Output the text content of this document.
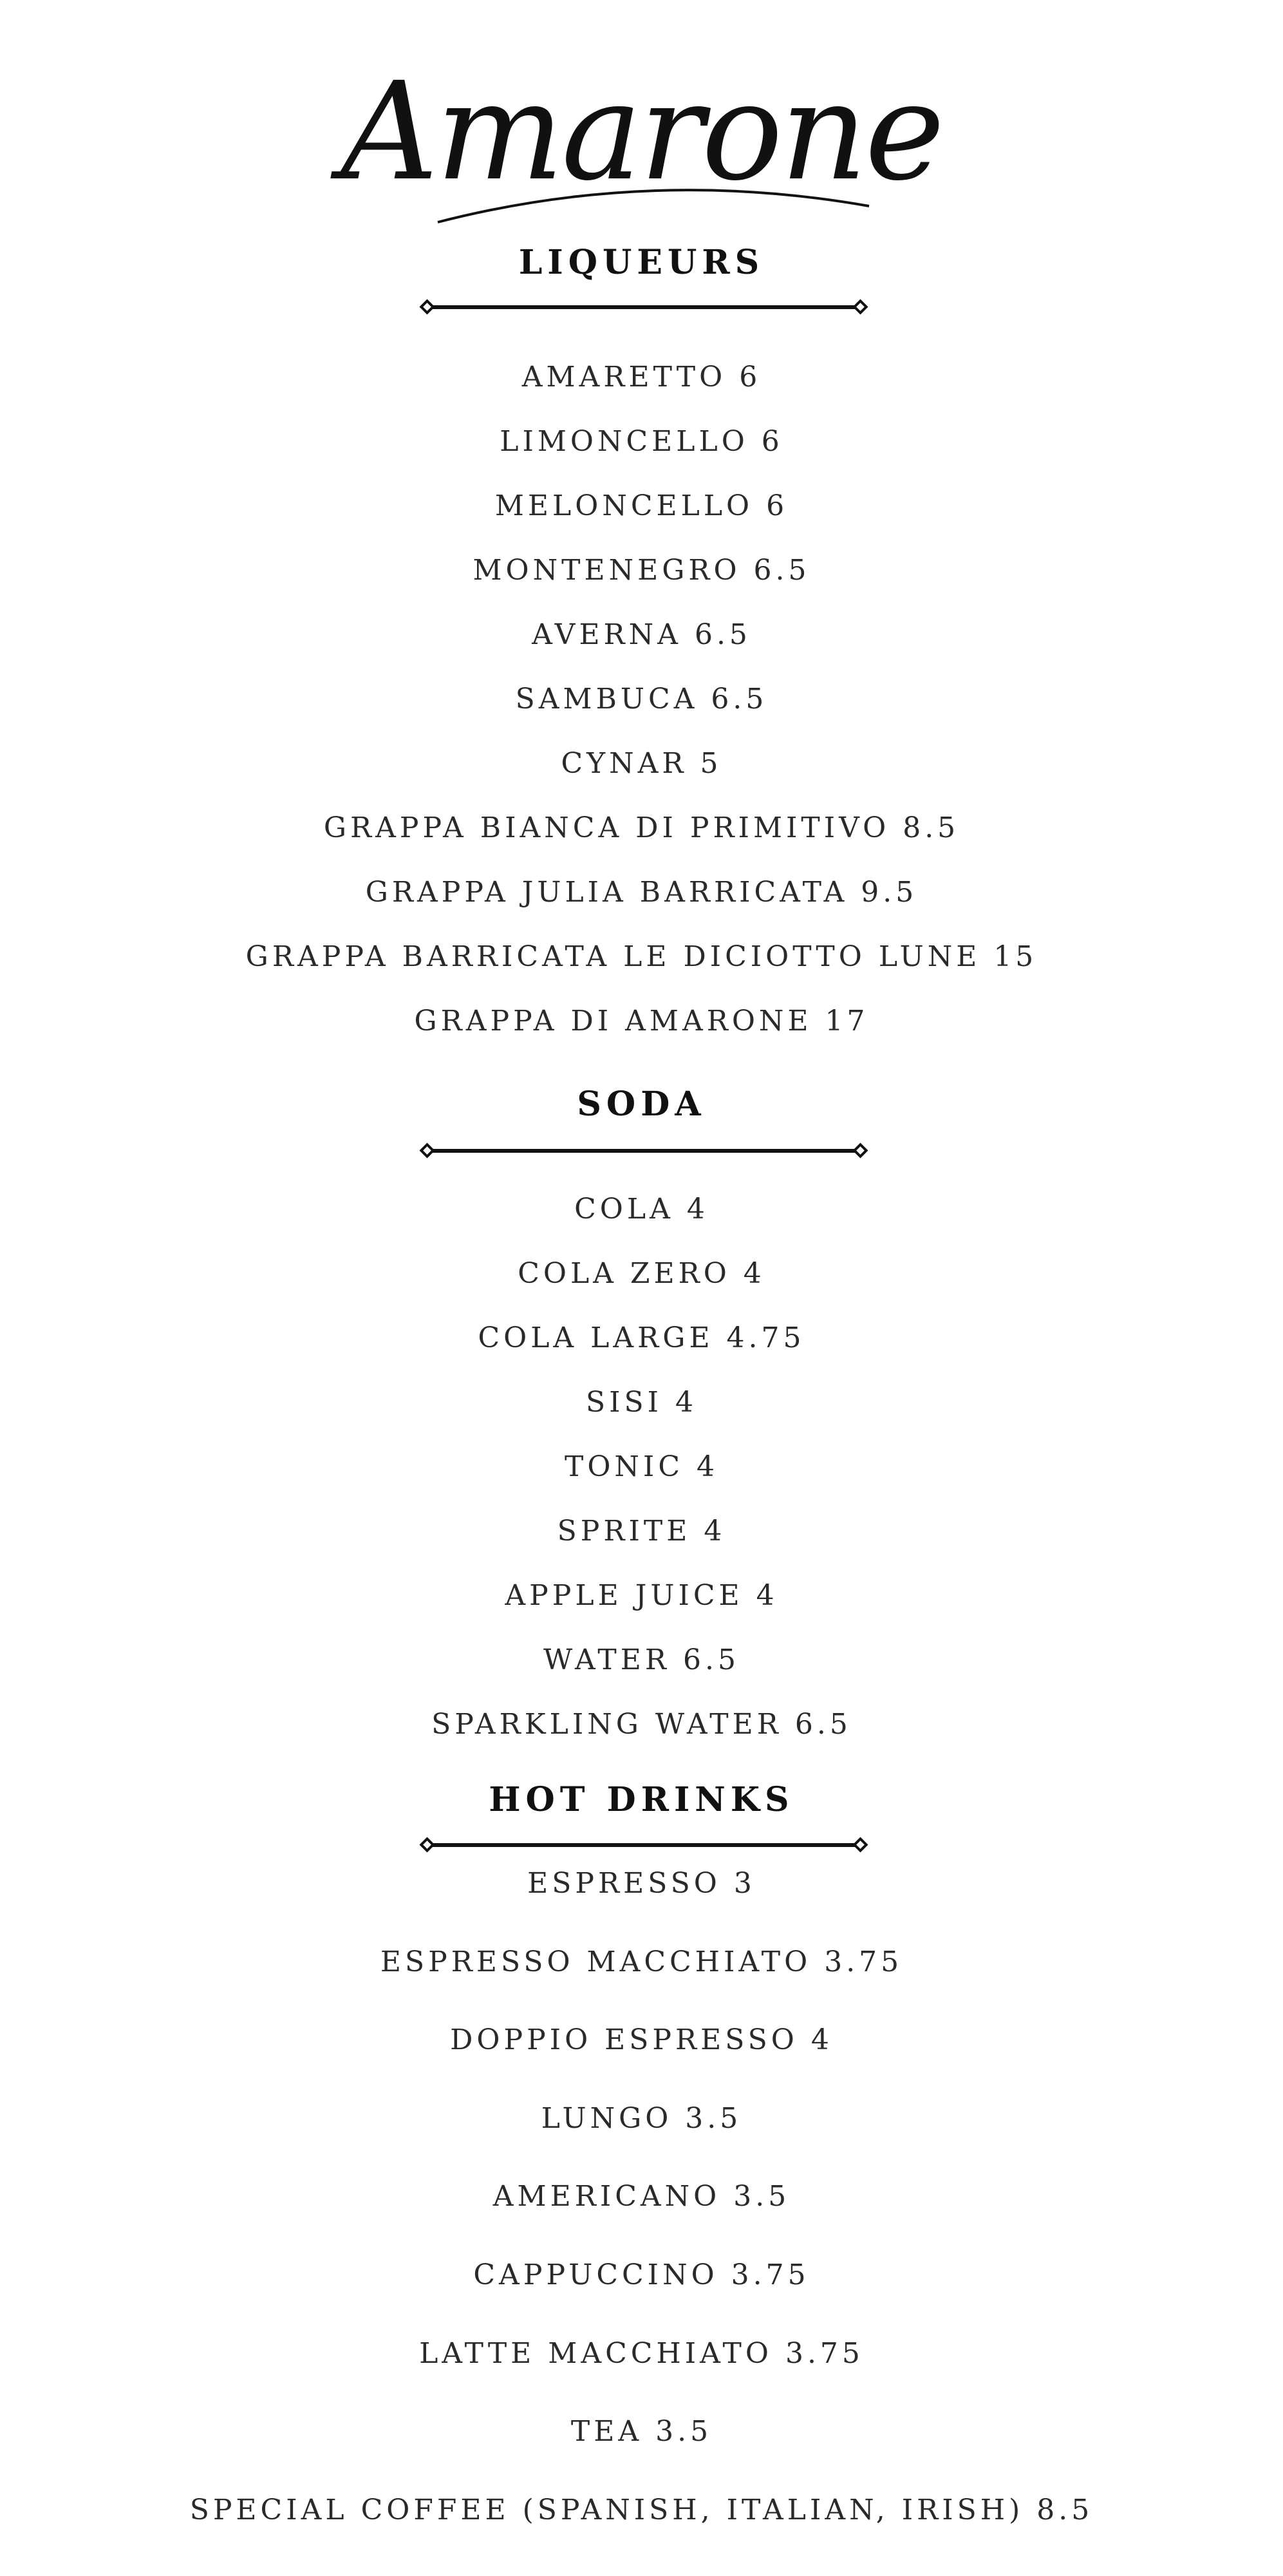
Amarone
LIQUEURS
AMARETTO 6
LIMONCELLO 6
MELONCELLO 6
MONTENEGRO 6.5
AVERNA 6.5
SAMBUCA 6.5
CYNAR 5
GRAPPA BIANCA DI PRIMITIVO 8.5
GRAPPA JULIA BARRICATA 9.5
GRAPPA BARRICATA LE DICIOTTO LUNE 15
GRAPPA DI AMARONE 17
SODA
COLA 4
COLA ZERO 4
COLA LARGE 4.75
SISI 4
TONIC 4
SPRITE 4
APPLE JUICE 4
WATER 6.5
SPARKLING WATER 6.5
HOT DRINKS
ESPRESSO 3
ESPRESSO MACCHIATO 3.75
DOPPIO ESPRESSO 4
LUNGO 3.5
AMERICANO 3.5
CAPPUCCINO 3.75
LATTE MACCHIATO 3.75
TEA 3.5
SPECIAL COFFEE (SPANISH, ITALIAN, IRISH) 8.5
